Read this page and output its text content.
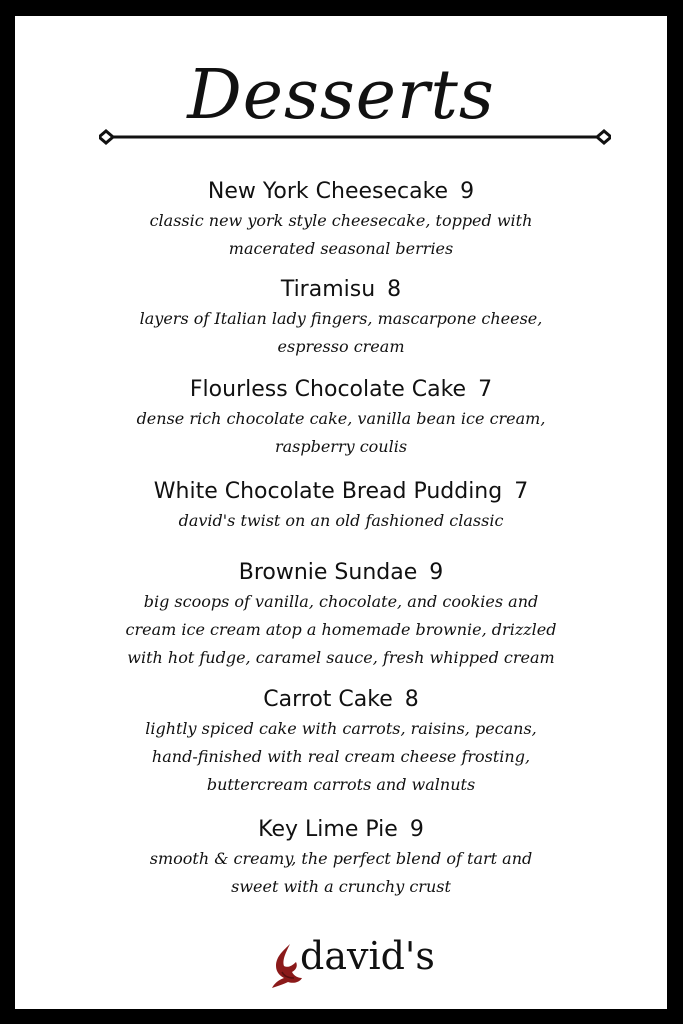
Desserts
New York Cheesecake 9
classic new york style cheesecake, topped with
macerated seasonal berries
Tiramisu 8
layers of Italian lady fingers, mascarpone cheese,
espresso cream
Flourless Chocolate Cake 7
dense rich chocolate cake, vanilla bean ice cream,
raspberry coulis
White Chocolate Bread Pudding 7
david's twist on an old fashioned classic
Brownie Sundae 9
big scoops of vanilla, chocolate, and cookies and
cream ice cream atop a homemade brownie, drizzled
with hot fudge, caramel sauce, fresh whipped cream
Carrot Cake 8
lightly spiced cake with carrots, raisins, pecans,
hand-finished with real cream cheese frosting,
buttercream carrots and walnuts
Key Lime Pie 9
smooth & creamy, the perfect blend of tart and
sweet with a crunchy crust
david's
